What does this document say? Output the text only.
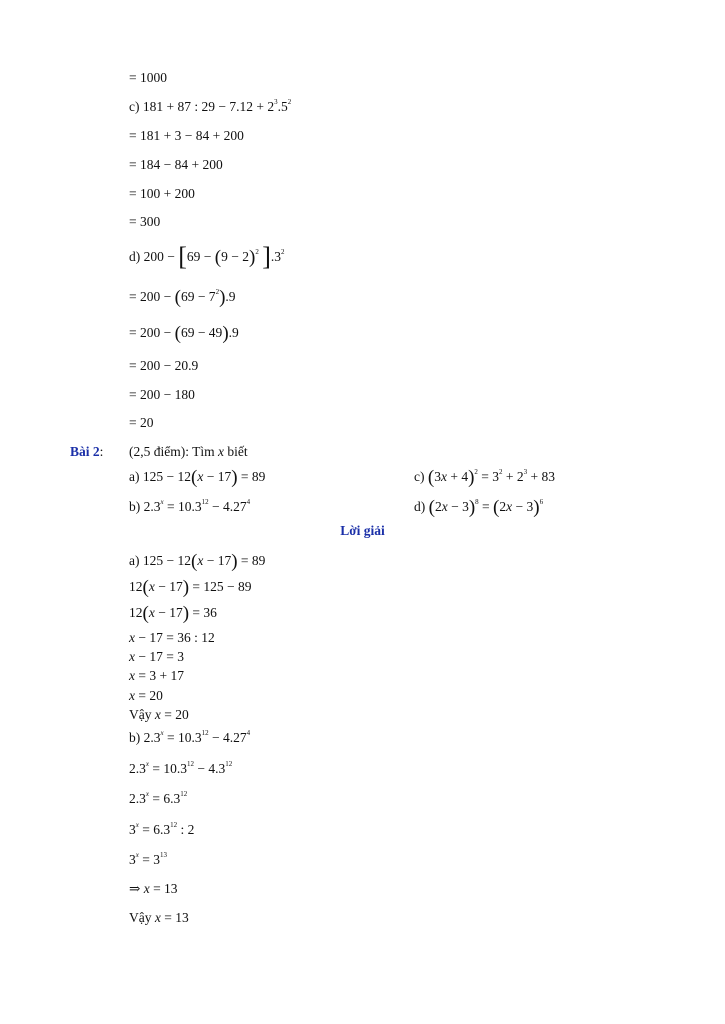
= 1000
c) 181 + 87 : $29 - 7.12 + 2^3.5^2$
= 181 + 3 − 84 + 200
= 184 − 84 + 200
= 100 + 200
= 300
d) $200 - [69 - (9 - 2)^2$ ]$.3^2$
= $200 - (69 - 7^2).9$
= 200 − (69 − 49).9
= 200 − 20.9
= 200 − 180
= 20
Bài 2: (2,5 điểm): Tìm x biết
a) 125 − 12(x − 17) = 89	c) $(3x + 4)^2 = 3^2 + 2^3 + 83$
b) $2.3^x = 10.3^{12} - 4.27^4$	d) $(2x - 3)^8 = (2x - 3)^6$
Lời giải
a) 125 − 12(x − 17) = 89
12(x − 17) = 125 − 89
12(x − 17) = 36
x − 17 = 36 : 12
x − 17 = 3
x = 3 + 17
x = 20
Vậy x = 20
b) $2.3^x = 10.3^{12} - 4.27^4$
$2.3^x = 10.3^{12} - 4.3^{12}$
$2.3^x = 6.3^{12}$
$3^x = 6.3^{12}$ : 2
$3^x = 3^{13}$
⇒ x = 13
Vậy x = 13
